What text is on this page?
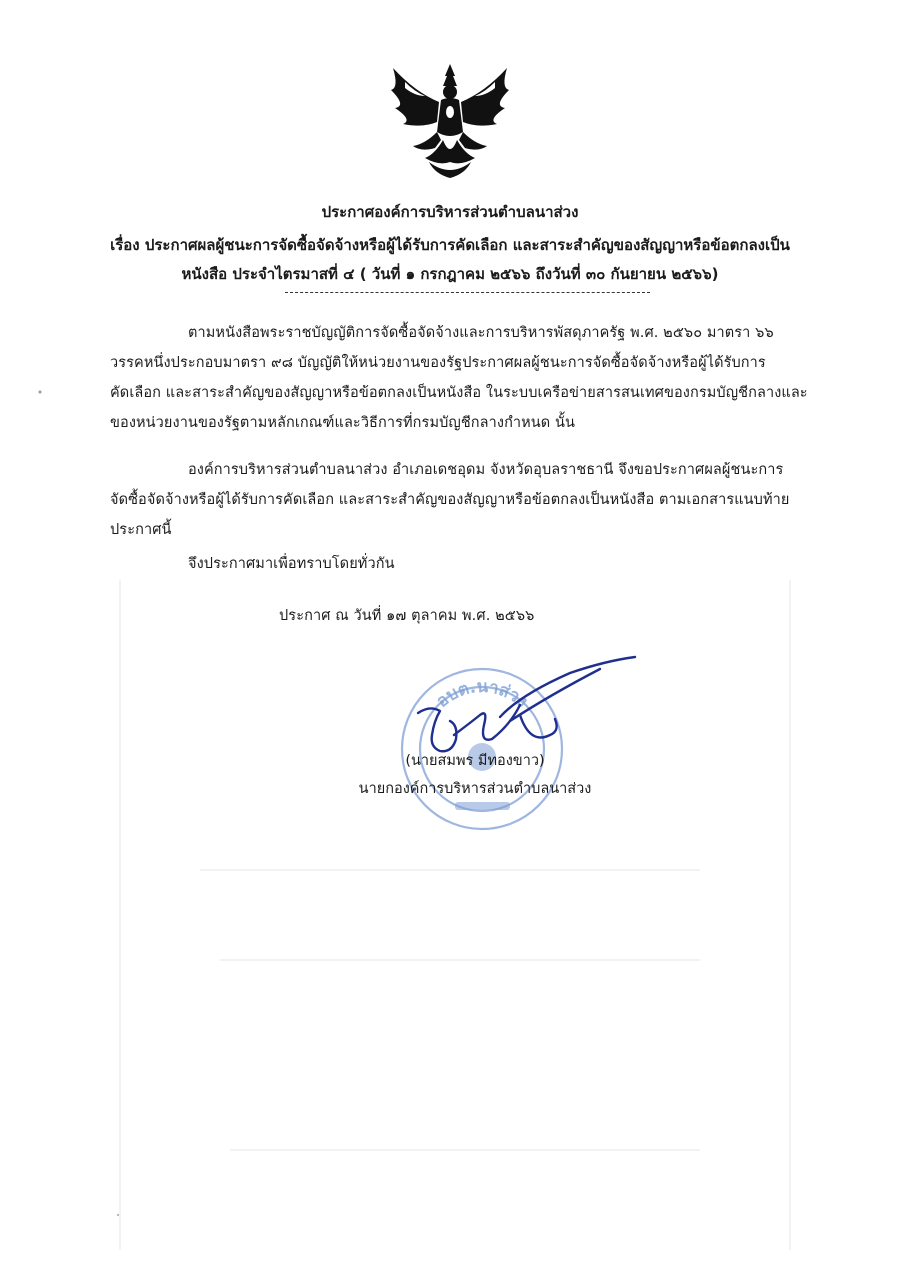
ประกาศองค์การบริหารส่วนตำบลนาส่วง
เรื่อง ประกาศผลผู้ชนะการจัดซื้อจัดจ้างหรือผู้ได้รับการคัดเลือก และสาระสำคัญของสัญญาหรือข้อตกลงเป็น
หนังสือ ประจำไตรมาสที่ ๔ ( วันที่ ๑ กรกฎาคม ๒๕๖๖ ถึงวันที่ ๓๐ กันยายน ๒๕๖๖)
ตามหนังสือพระราชบัญญัติการจัดซื้อจัดจ้างและการบริหารพัสดุภาครัฐ พ.ศ. ๒๕๖๐ มาตรา ๖๖
วรรคหนึ่งประกอบมาตรา ๙๘ บัญญัติให้หน่วยงานของรัฐประกาศผลผู้ชนะการจัดซื้อจัดจ้างหรือผู้ได้รับการ
คัดเลือก และสาระสำคัญของสัญญาหรือข้อตกลงเป็นหนังสือ ในระบบเครือข่ายสารสนเทศของกรมบัญชีกลางและ
ของหน่วยงานของรัฐตามหลักเกณฑ์และวิธีการที่กรมบัญชีกลางกำหนด นั้น
องค์การบริหารส่วนตำบลนาส่วง อำเภอเดชอุดม จังหวัดอุบลราชธานี จึงขอประกาศผลผู้ชนะการ
จัดซื้อจัดจ้างหรือผู้ได้รับการคัดเลือก และสาระสำคัญของสัญญาหรือข้อตกลงเป็นหนังสือ ตามเอกสารแนบท้าย
ประกาศนี้
จึงประกาศมาเพื่อทราบโดยทั่วกัน
ประกาศ ณ วันที่ ๑๗ ตุลาคม พ.ศ. ๒๕๖๖
อบต.นาส่วง
(นายสมพร มีทองขาว)
นายกองค์การบริหารส่วนตำบลนาส่วง
